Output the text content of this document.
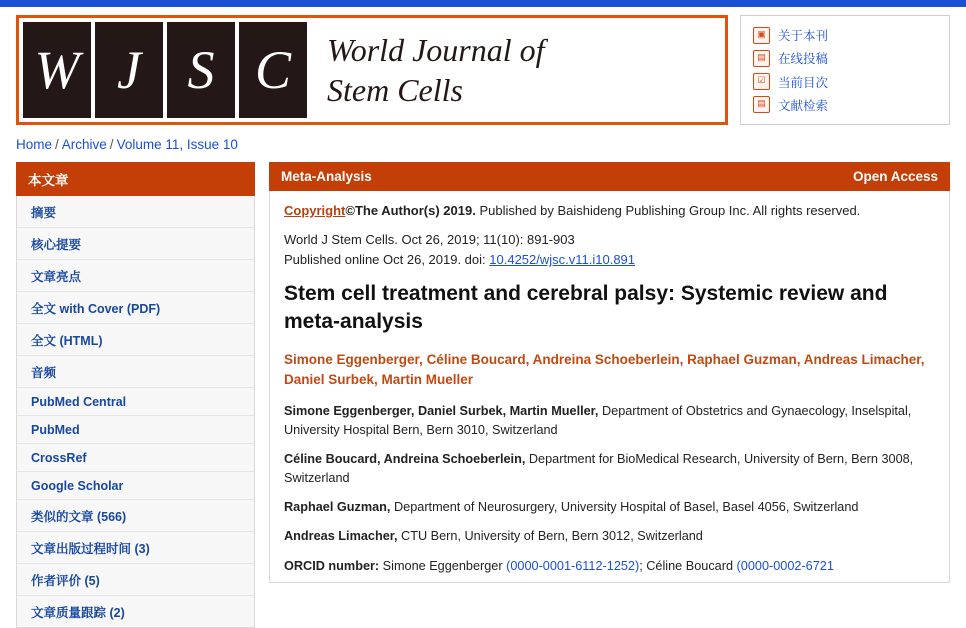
W J S C	World Journal of
Stem Cells
▣ 关于本刊
▤ 在线投稿
☑ 当前目次
▤ 文献检索
Home / Archive / Volume 11, Issue 10
本文章
摘要
核心提要
文章亮点
全文 with Cover (PDF)
全文 (HTML)
音频
PubMed Central
PubMed
CrossRef
Google Scholar
类似的文章 (566)
文章出版过程时间 (3)
作者评价 (5)
文章质量跟踪 (2)
Meta-Analysis	Open Access
Copyright©The Author(s) 2019. Published by Baishideng Publishing Group Inc. All rights reserved.
World J Stem Cells. Oct 26, 2019; 11(10): 891-903
Published online Oct 26, 2019. doi: 10.4252/wjsc.v11.i10.891
Stem cell treatment and cerebral palsy: Systemic review and meta-analysis
Simone Eggenberger, Céline Boucard, Andreina Schoeberlein, Raphael Guzman, Andreas Limacher, Daniel Surbek, Martin Mueller
Simone Eggenberger, Daniel Surbek, Martin Mueller, Department of Obstetrics and Gynaecology, Inselspital, University Hospital Bern, Bern 3010, Switzerland
Céline Boucard, Andreina Schoeberlein, Department for BioMedical Research, University of Bern, Bern 3008, Switzerland
Raphael Guzman, Department of Neurosurgery, University Hospital of Basel, Basel 4056, Switzerland
Andreas Limacher, CTU Bern, University of Bern, Bern 3012, Switzerland
ORCID number: Simone Eggenberger (0000-0001-6112-1252); Céline Boucard (0000-0002-6721
